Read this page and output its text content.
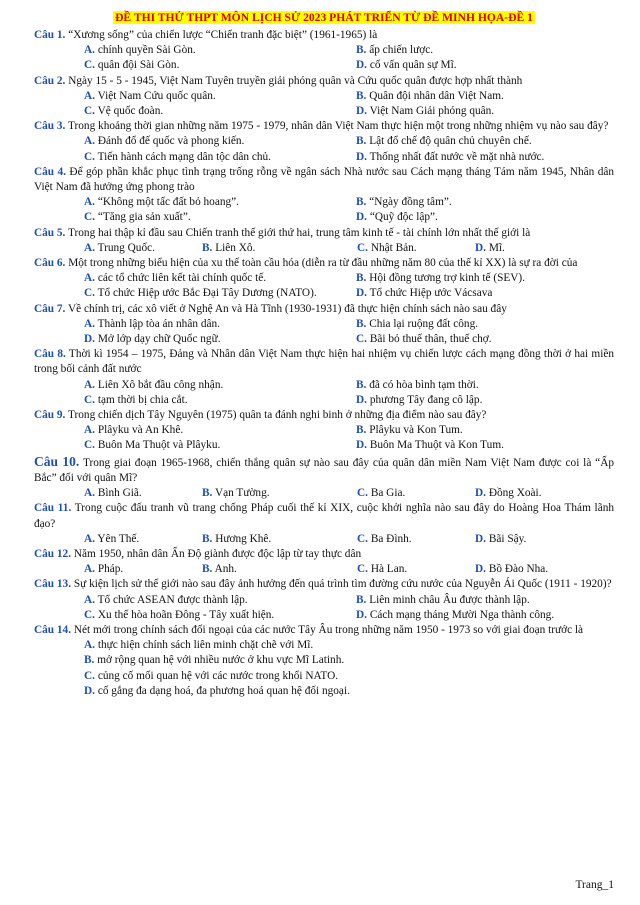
ĐỀ THI THỬ THPT MÔN LỊCH SỬ 2023 PHÁT TRIỂN TỪ ĐỀ MINH HỌA-ĐỀ 1
Câu 1. “Xương sống” của chiến lược “Chiến tranh đặc biệt” (1961-1965) là
A. chính quyền Sài Gòn.	B. ấp chiến lược.
C. quân đội Sài Gòn.	D. cố vấn quân sự Mĩ.
Câu 2. Ngày 15 - 5 - 1945, Việt Nam Tuyên truyền giải phóng quân và Cứu quốc quân được hợp nhất thành
A. Việt Nam Cứu quốc quân.	B. Quân đội nhân dân Việt Nam.
C. Vệ quốc đoàn.	D. Việt Nam Giải phóng quân.
Câu 3. Trong khoảng thời gian những năm 1975 - 1979, nhân dân Việt Nam thực hiện một trong những nhiệm vụ nào sau đây?
A. Đánh đổ đế quốc và phong kiến.	B. Lật đổ chế độ quân chủ chuyên chế.
C. Tiến hành cách mạng dân tộc dân chủ.	D. Thống nhất đất nước về mặt nhà nước.
Câu 4. Để góp phần khắc phục tình trạng trống rỗng về ngân sách Nhà nước sau Cách mạng tháng Tám năm 1945, Nhân dân Việt Nam đã hưởng ứng phong trào
A. “Không một tấc đất bỏ hoang”.	B. “Ngày đồng tâm”.
C. “Tăng gia sản xuất”.	D. “Quỹ độc lập”.
Câu 5. Trong hai thập kỉ đầu sau Chiến tranh thế giới thứ hai, trung tâm kinh tế - tài chính lớn nhất thế giới là
A. Trung Quốc.	B. Liên Xô.	C. Nhật Bản.	D. Mĩ.
Câu 6. Một trong những biểu hiện của xu thế toàn cầu hóa (diễn ra từ đầu những năm 80 của thế kỉ XX) là sự ra đời của
A. các tổ chức liên kết tài chính quốc tế.	B. Hội đồng tương trợ kinh tế (SEV).
C. Tổ chức Hiệp ước Bắc Đại Tây Dương (NATO).	D. Tổ chức Hiệp ước Vácsava
Câu 7. Về chính trị, các xô viết ở Nghệ An và Hà Tĩnh (1930-1931) đã thực hiện chính sách nào sau đây
A. Thành lập tòa án nhân dân.	B. Chia lại ruộng đất công.
D. Mở lớp dạy chữ Quốc ngữ.	C. Bãi bỏ thuế thân, thuế chợ.
Câu 8. Thời kì 1954 – 1975, Đảng và Nhân dân Việt Nam thực hiện hai nhiệm vụ chiến lược cách mạng đồng thời ở hai miền trong bối cảnh đất nước
A. Liên Xô bắt đầu công nhận.	B. đã có hòa bình tạm thời.
C. tạm thời bị chia cắt.	D. phương Tây đang cô lập.
Câu 9. Trong chiến dịch Tây Nguyên (1975) quân ta đánh nghi binh ở những địa điểm nào sau đây?
A. Plâyku và An Khê.	B. Plâyku và Kon Tum.
C. Buôn Ma Thuột và Plâyku.	D. Buôn Ma Thuột và Kon Tum.
Câu 10. Trong giai đoạn 1965-1968, chiến thắng quân sự nào sau đây của quân dân miền Nam Việt Nam được coi là “Ấp Bắc” đối với quân Mĩ?
A. Bình Giã.	B. Vạn Tường.	C. Ba Gia.	D. Đồng Xoài.
Câu 11. Trong cuộc đấu tranh vũ trang chống Pháp cuối thế kỉ XIX, cuộc khởi nghĩa nào sau đây do Hoàng Hoa Thám lãnh đạo?
A. Yên Thế.	B. Hương Khê.	C. Ba Đình.	D. Bãi Sậy.
Câu 12. Năm 1950, nhân dân Ấn Độ giành được độc lập từ tay thực dân
A. Pháp.	B. Anh.	C. Hà Lan.	D. Bồ Đào Nha.
Câu 13. Sự kiện lịch sử thế giới nào sau đây ảnh hưởng đến quá trình tìm đường cứu nước của Nguyễn Ái Quốc (1911 - 1920)?
A. Tổ chức ASEAN được thành lập.	B. Liên minh châu Âu được thành lập.
C. Xu thế hòa hoãn Đông - Tây xuất hiện.	D. Cách mạng tháng Mười Nga thành công.
Câu 14. Nét mới trong chính sách đối ngoại của các nước Tây Âu trong những năm 1950 - 1973 so với giai đoạn trước là
A. thực hiện chính sách liên minh chặt chẽ với Mĩ.
B. mở rộng quan hệ với nhiều nước ở khu vực Mĩ Latinh.
C. củng cố mối quan hệ với các nước trong khối NATO.
D. cố gắng đa dạng hoá, đa phương hoá quan hệ đối ngoại.
Trang_1
